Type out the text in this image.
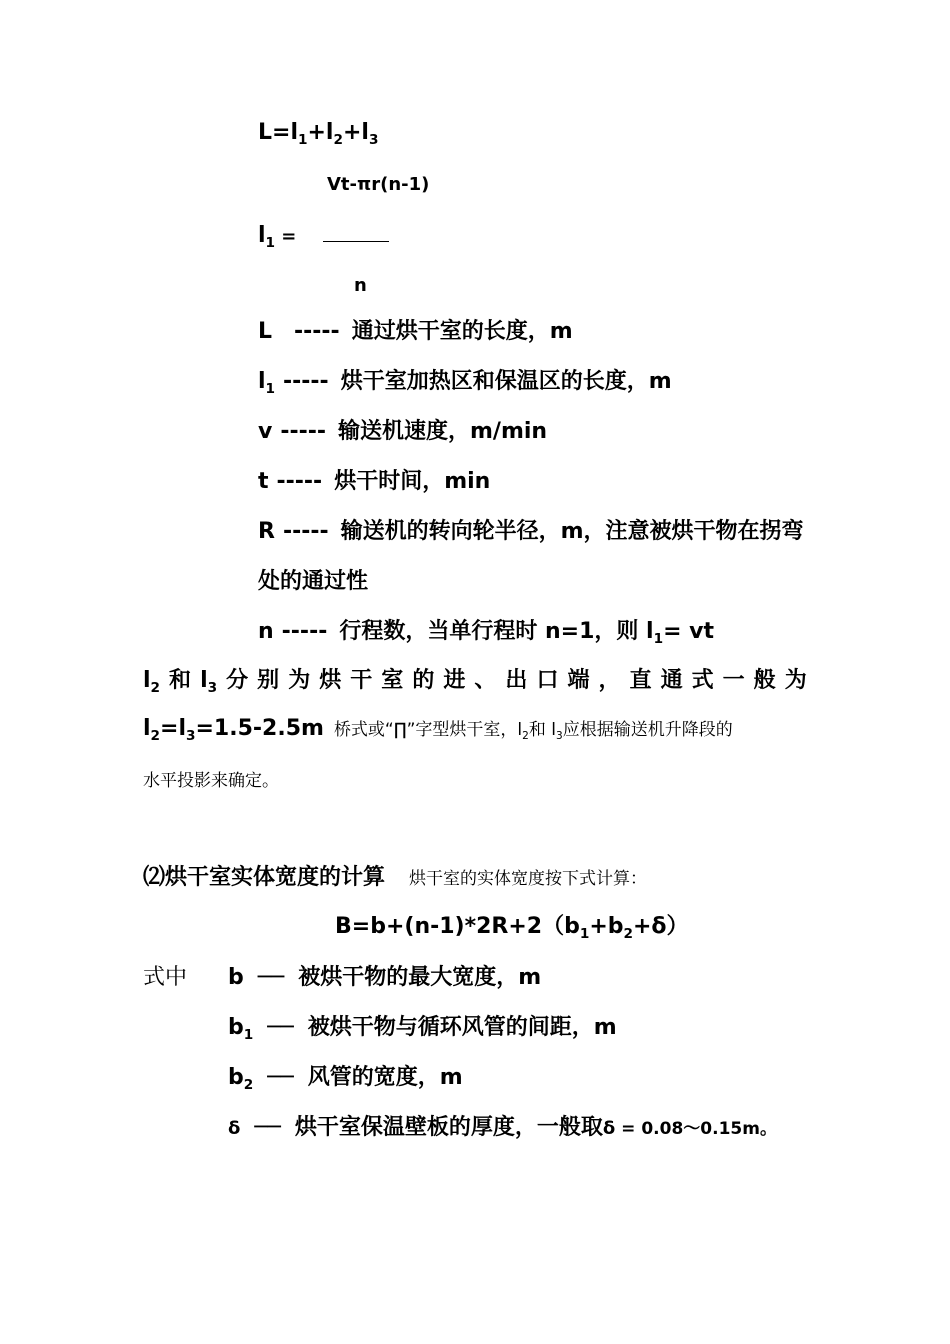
$L=l_1+l_2+l_3$
Vt-πr(n-1)
$l_1$ =
n
L ----- 通过烘干室的长度，m
$l_1$ ----- 烘干室加热区和保温区的长度，m
v ----- 输送机速度，m/min
t ----- 烘干时间，min
R ----- 输送机的转向轮半径，m，注意被烘干物在拐弯
处的通过性
n ----- 行程数，当单行程时 n=1，则 $l_1=$ vt
$l_2$ 和 $l_3$ 分 别 为 烘 干 室 的 进 、 出 口 端 ， 直 通 式 一 般 为
$l_2=l_3=1.5-2.5m$ 桥式或“∏”字型烘干室，$l_2$和 $l_3$应根据输送机升降段的
水平投影来确定。
⑵烘干室实体宽度的计算 烘干室的实体宽度按下式计算：
$B=b+(n-1)*2R+2(b_1+b_2+\delta)$
式中 b ── 被烘干物的最大宽度，m
$b_1$ ── 被烘干物与循环风管的间距，m
$b_2$ ── 风管的宽度，m
δ ── 烘干室保温壁板的厚度，一般取δ = 0.08～0.15m。
